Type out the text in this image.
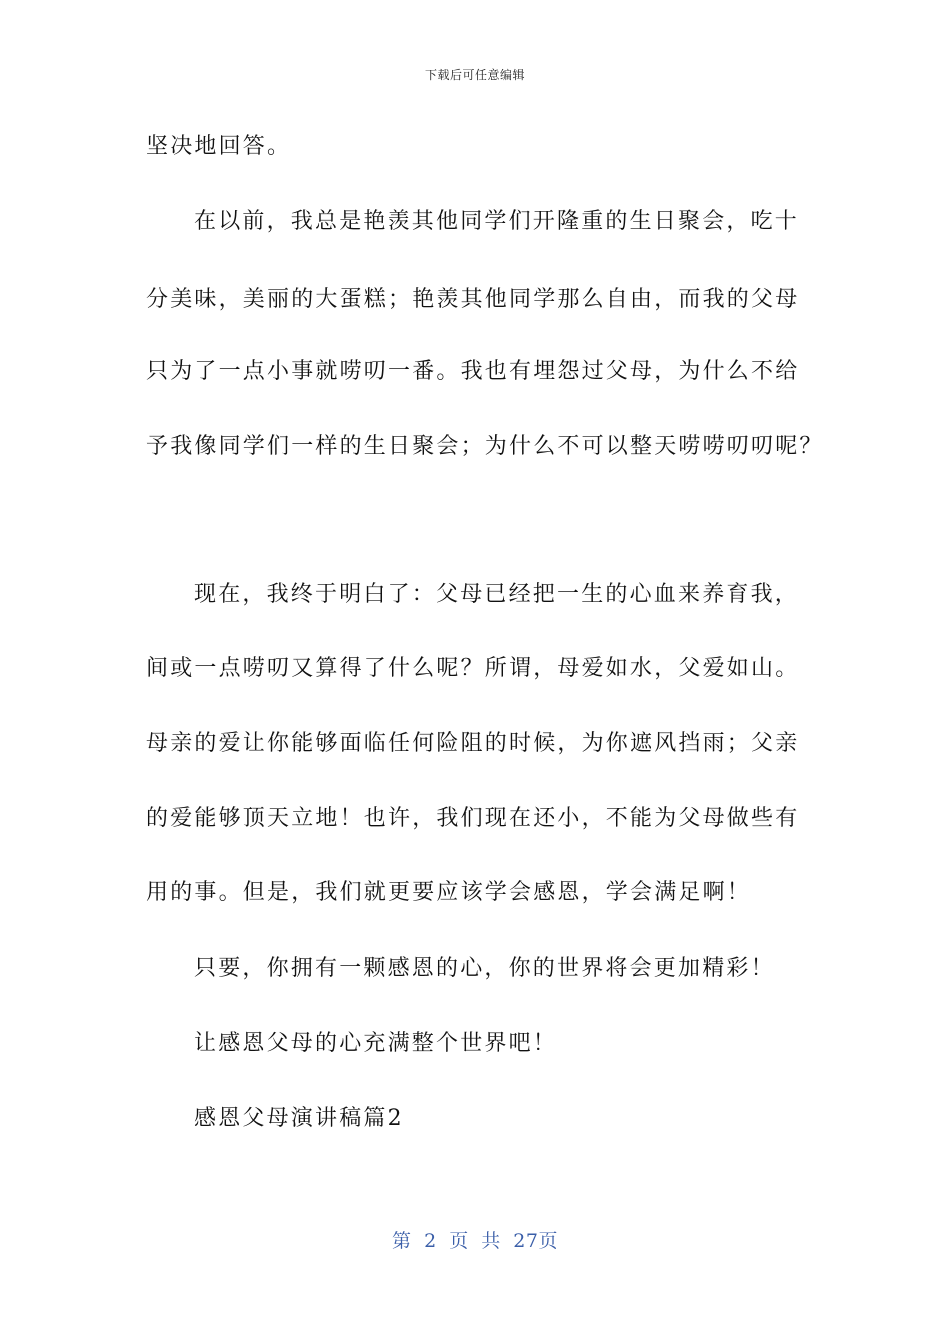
下载后可任意编辑
坚决地回答。
在以前，我总是艳羡其他同学们开隆重的生日聚会，吃十
分美味，美丽的大蛋糕；艳羡其他同学那么自由，而我的父母
只为了一点小事就唠叨一番。我也有埋怨过父母，为什么不给
予我像同学们一样的生日聚会；为什么不可以整天唠唠叨叨呢？
现在，我终于明白了：父母已经把一生的心血来养育我，
间或一点唠叨又算得了什么呢？所谓，母爱如水，父爱如山。
母亲的爱让你能够面临任何险阻的时候，为你遮风挡雨；父亲
的爱能够顶天立地！也许，我们现在还小，不能为父母做些有
用的事。但是，我们就更要应该学会感恩，学会满足啊！
只要，你拥有一颗感恩的心，你的世界将会更加精彩！
让感恩父母的心充满整个世界吧！
感恩父母演讲稿篇2
第 2 页 共 27页
